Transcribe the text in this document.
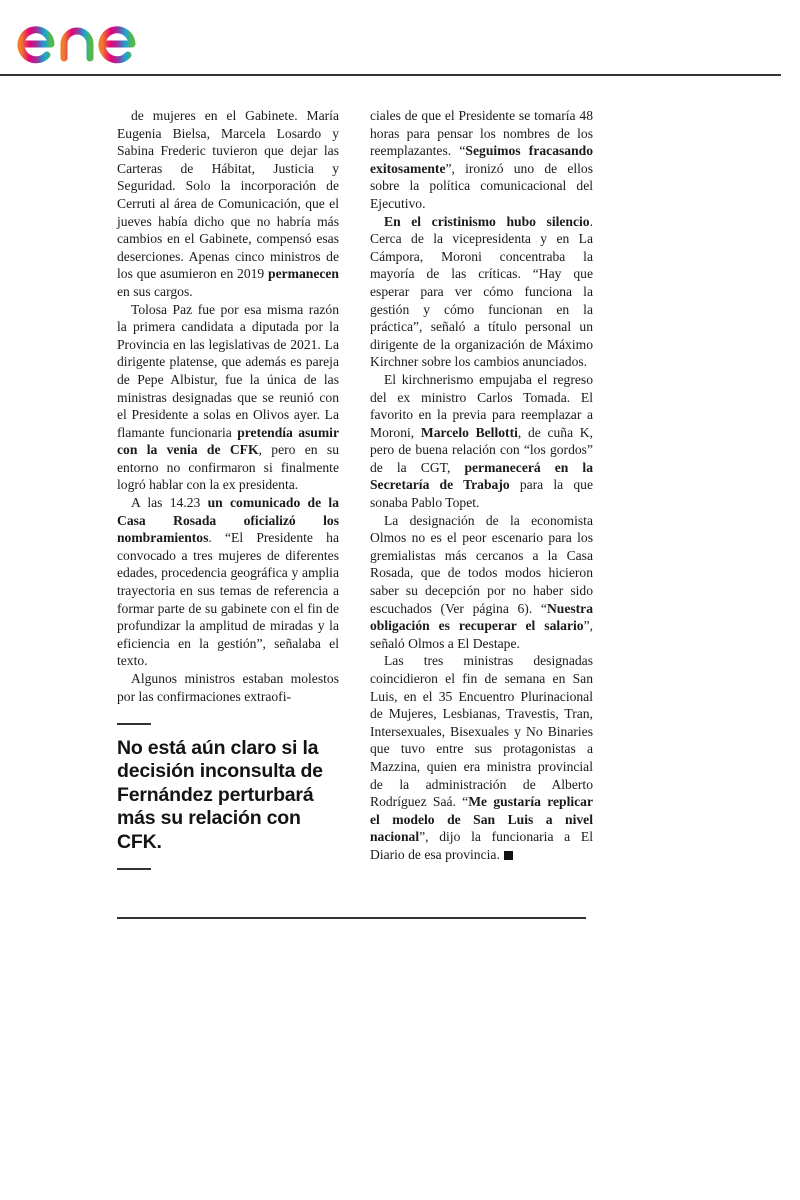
de mujeres en el Gabinete. María Eugenia Bielsa, Marcela Losardo y Sabina Frederic tuvieron que dejar las Carteras de Hábitat, Justicia y Seguridad. Solo la incorporación de Cerruti al área de Comunicación, que el jueves había dicho que no habría más cambios en el Gabinete, compensó esas deserciones. Apenas cinco ministros de los que asumieron en 2019 permanecen en sus cargos.

Tolosa Paz fue por esa misma razón la primera candidata a diputada por la Provincia en las legislativas de 2021. La dirigente platense, que además es pareja de Pepe Albistur, fue la única de las ministras designadas que se reunió con el Presidente a solas en Olivos ayer. La flamante funcionaria pretendía asumir con la venia de CFK, pero en su entorno no confirmaron si finalmente logró hablar con la ex presidenta.

A las 14.23 un comunicado de la Casa Rosada oficializó los nombramientos. “El Presidente ha convocado a tres mujeres de diferentes edades, procedencia geográfica y amplia trayectoria en sus temas de referencia a formar parte de su gabinete con el fin de profundizar la amplitud de miradas y la eficiencia en la gestión”, señalaba el texto.

Algunos ministros estaban molestos por las confirmaciones extraofi-

No está aún claro si la decisión inconsulta de Fernández perturbará más su relación con CFK.

ciales de que el Presidente se tomaría 48 horas para pensar los nombres de los reemplazantes. “Seguimos fracasando exitosamente”, ironizó uno de ellos sobre la política comunicacional del Ejecutivo.

En el cristinismo hubo silencio. Cerca de la vicepresidenta y en La Cámpora, Moroni concentraba la mayoría de las críticas. “Hay que esperar para ver cómo funciona la gestión y cómo funcionan en la práctica”, señaló a título personal un dirigente de la organización de Máximo Kirchner sobre los cambios anunciados.

El kirchnerismo empujaba el regreso del ex ministro Carlos Tomada. El favorito en la previa para reemplazar a Moroni, Marcelo Bellotti, de cuña K, pero de buena relación con “los gordos” de la CGT, permanecerá en la Secretaría de Trabajo para la que sonaba Pablo Topet.

La designación de la economista Olmos no es el peor escenario para los gremialistas más cercanos a la Casa Rosada, que de todos modos hicieron saber su decepción por no haber sido escuchados (Ver página 6). “Nuestra obligación es recuperar el salario”, señaló Olmos a El Destape.

Las tres ministras designadas coincidieron el fin de semana en San Luis, en el 35 Encuentro Plurinacional de Mujeres, Lesbianas, Travestis, Tran, Intersexuales, Bisexuales y No Binaries que tuvo entre sus protagonistas a Mazzina, quien era ministra provincial de la administración de Alberto Rodríguez Saá. “Me gustaría replicar el modelo de San Luis a nivel nacional”, dijo la funcionaria a El Diario de esa provincia.
